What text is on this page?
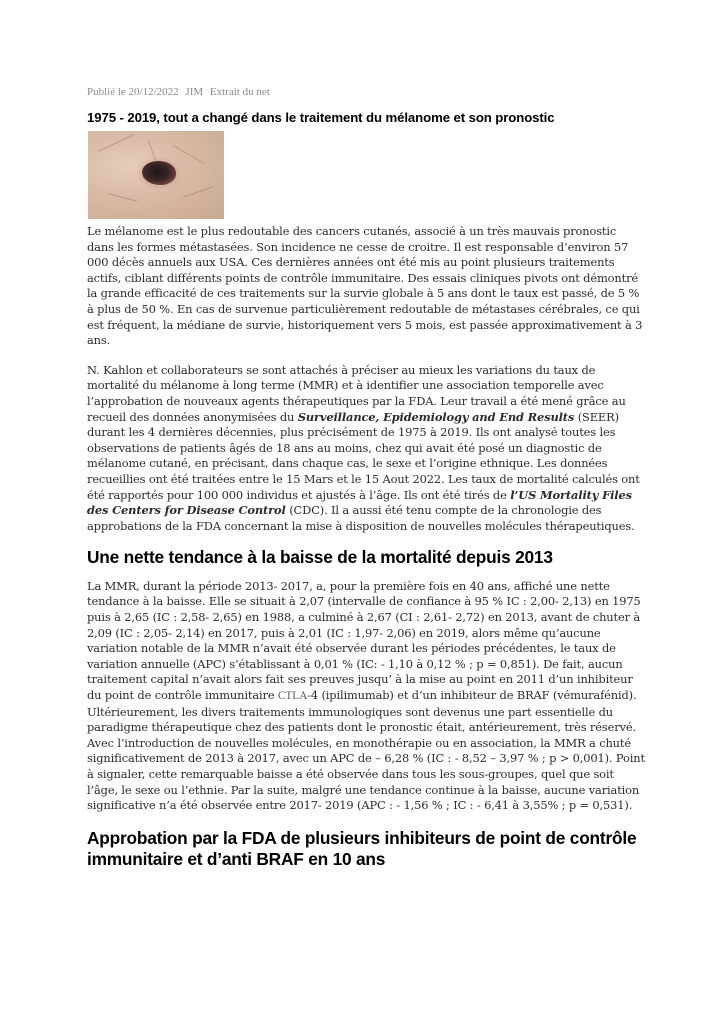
Publié le 20/12/2022 JIM Extrait du net
1975 - 2019, tout a changé dans le traitement du mélanome et son pronostic

Le mélanome est le plus redoutable des cancers cutanés, associé à un très mauvais pronostic dans les formes métastasées. Son incidence ne cesse de croitre. Il est responsable d’environ 57 000 décès annuels aux USA. Ces dernières années ont été mis au point plusieurs traitements actifs, ciblant différents points de contrôle immunitaire. Des essais cliniques pivots ont démontré la grande efficacité de ces traitements sur la survie globale à 5 ans dont le taux est passé, de 5 % à plus de 50 %. En cas de survenue particulièrement redoutable de métastases cérébrales, ce qui est fréquent, la médiane de survie, historiquement vers 5 mois, est passée approximativement à 3 ans.

N. Kahlon et collaborateurs se sont attachés à préciser au mieux les variations du taux de mortalité du mélanome à long terme (MMR) et à identifier une association temporelle avec l’approbation de nouveaux agents thérapeutiques par la FDA. Leur travail a été mené grâce au recueil des données anonymisées du Surveillance, Epidemiology and End Results (SEER) durant les 4 dernières décennies, plus précisément de 1975 à 2019. Ils ont analysé toutes les observations de patients âgés de 18 ans au moins, chez qui avait été posé un diagnostic de mélanome cutané, en précisant, dans chaque cas, le sexe et l’origine ethnique. Les données recueillies ont été traitées entre le 15 Mars et le 15 Aout 2022. Les taux de mortalité calculés ont été rapportés pour 100 000 individus et ajustés à l’âge. Ils ont été tirés de l’US Mortality Files des Centers for Disease Control (CDC). Il a aussi été tenu compte de la chronologie des approbations de la FDA concernant la mise à disposition de nouvelles molécules thérapeutiques.

Une nette tendance à la baisse de la mortalité depuis 2013

La MMR, durant la période 2013- 2017, a, pour la première fois en 40 ans, affiché une nette tendance à la baisse. Elle se situait à 2,07 (intervalle de confiance à 95 % IC : 2,00- 2,13) en 1975 puis à 2,65 (IC : 2,58- 2,65) en 1988, a culminé à 2,67 (CI : 2,61- 2,72) en 2013, avant de chuter à 2,09 (IC : 2,05- 2,14) en 2017, puis à 2,01 (IC : 1,97- 2,06) en 2019, alors même qu’aucune variation notable de la MMR n’avait été observée durant les périodes précédentes, le taux de variation annuelle (APC) s’établissant à 0,01 % (IC: - 1,10 à 0,12 % ; p = 0,851). De fait, aucun traitement capital n’avait alors fait ses preuves jusqu’ à la mise au point en 2011 d’un inhibiteur du point de contrôle immunitaire CTLA-4 (ipilimumab) et d’un inhibiteur de BRAF (vémurafénid). Ultérieurement, les divers traitements immunologiques sont devenus une part essentielle du paradigme thérapeutique chez des patients dont le pronostic était, antérieurement, très réservé. Avec l’introduction de nouvelles molécules, en monothérapie ou en association, la MMR a chuté significativement de 2013 à 2017, avec un APC de – 6,28 % (IC : - 8,52 – 3,97 % ; p > 0,001). Point à signaler, cette remarquable baisse a été observée dans tous les sous-groupes, quel que soit l’âge, le sexe ou l’ethnie. Par la suite, malgré une tendance continue à la baisse, aucune variation significative n’a été observée entre 2017- 2019 (APC : - 1,56 % ; IC : - 6,41 à 3,55% ; p = 0,531).

Approbation par la FDA de plusieurs inhibiteurs de point de contrôle immunitaire et d’anti BRAF en 10 ans
